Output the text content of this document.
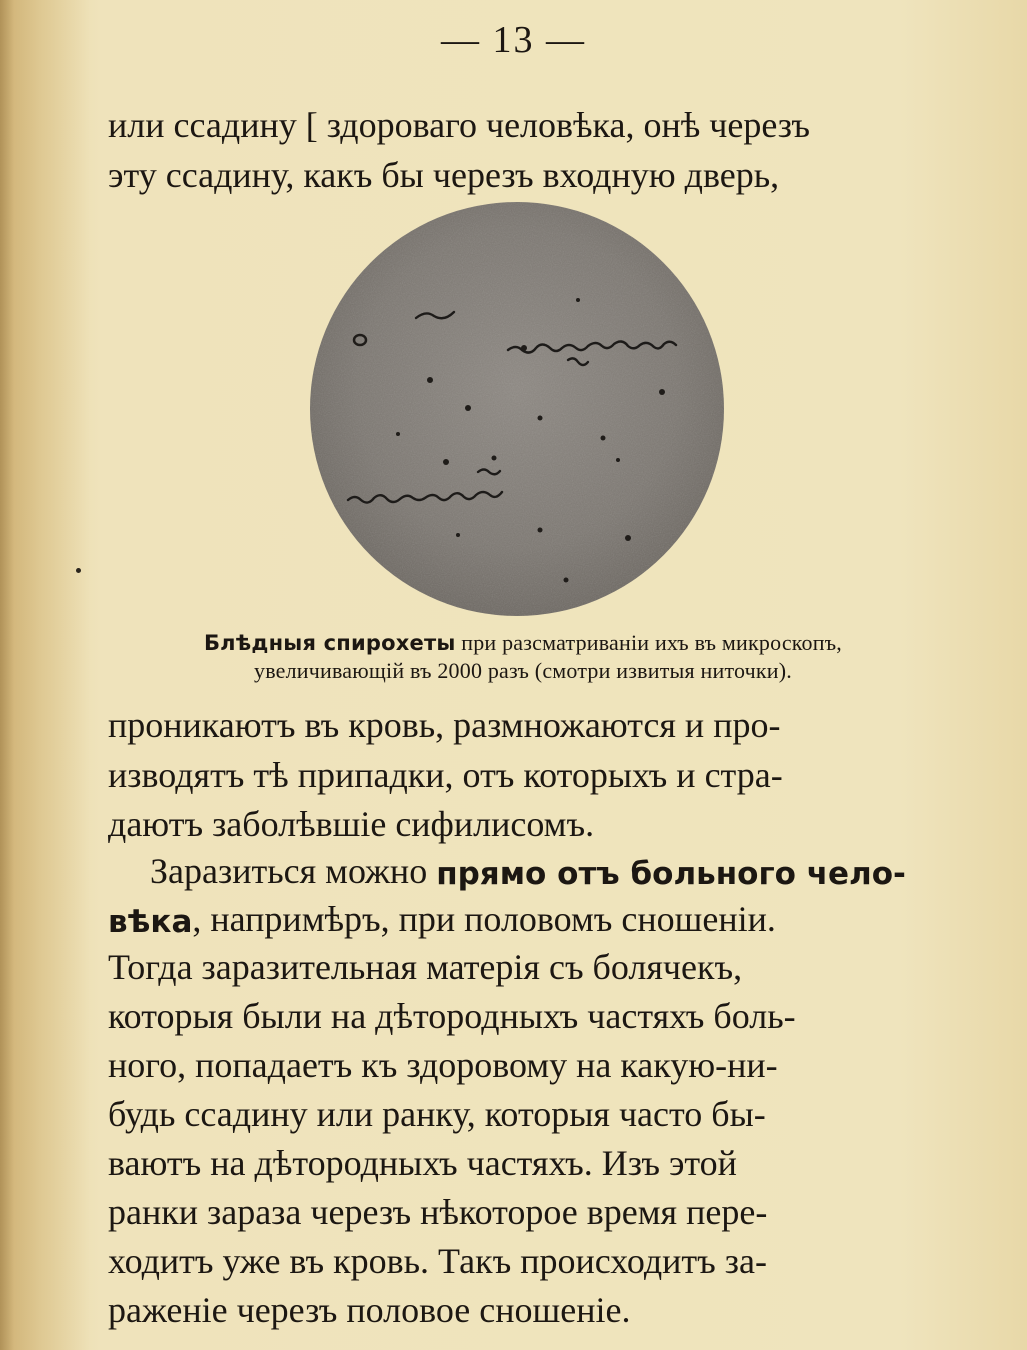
— 13 —
или ссадину [ здороваго человѣка, онѣ черезъ
эту ссадину, какъ бы черезъ входную дверь,
Блѣдныя спирохеты при разсматриваніи ихъ въ микроскопъ,
увеличивающій въ 2000 разъ (смотри извитыя ниточки).
проникаютъ въ кровь, размножаются и про-
изводятъ тѣ припадки, отъ которыхъ и стра-
даютъ заболѣвшіе сифилисомъ.
Заразиться можно
прямо отъ больного чело-
вѣка , напримѣръ, при половомъ сношеніи.
Тогда заразительная матерія съ болячекъ,
которыя были на дѣтородныхъ частяхъ боль-
ного, попадаетъ къ здоровому на какую-ни-
будь ссадину или ранку, которыя часто бы-
ваютъ на дѣтородныхъ частяхъ. Изъ этой
ранки зараза черезъ нѣкоторое время пере-
ходитъ уже въ кровь. Такъ происходитъ за-
раженіе черезъ половое сношеніе.
